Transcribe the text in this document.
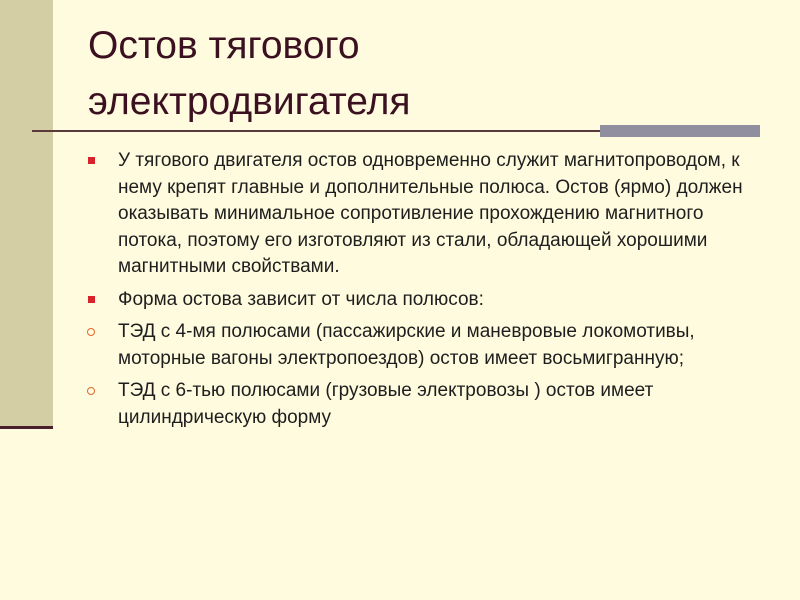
Остов тягового
электродвигателя
У тягового двигателя остов одновременно служит магнитопроводом, к нему крепят главные и дополнительные полюса. Остов (ярмо) должен оказывать минимальное сопротивление прохождению магнитного потока, поэтому его изготовляют из стали, обладающей хорошими магнитными свойствами.
Форма остова зависит от числа полюсов:
ТЭД с 4-мя полюсами (пассажирские и маневровые локомотивы, моторные вагоны электропоездов) остов имеет восьмигранную;
ТЭД с 6-тью полюсами (грузовые электровозы ) остов имеет цилиндрическую форму
